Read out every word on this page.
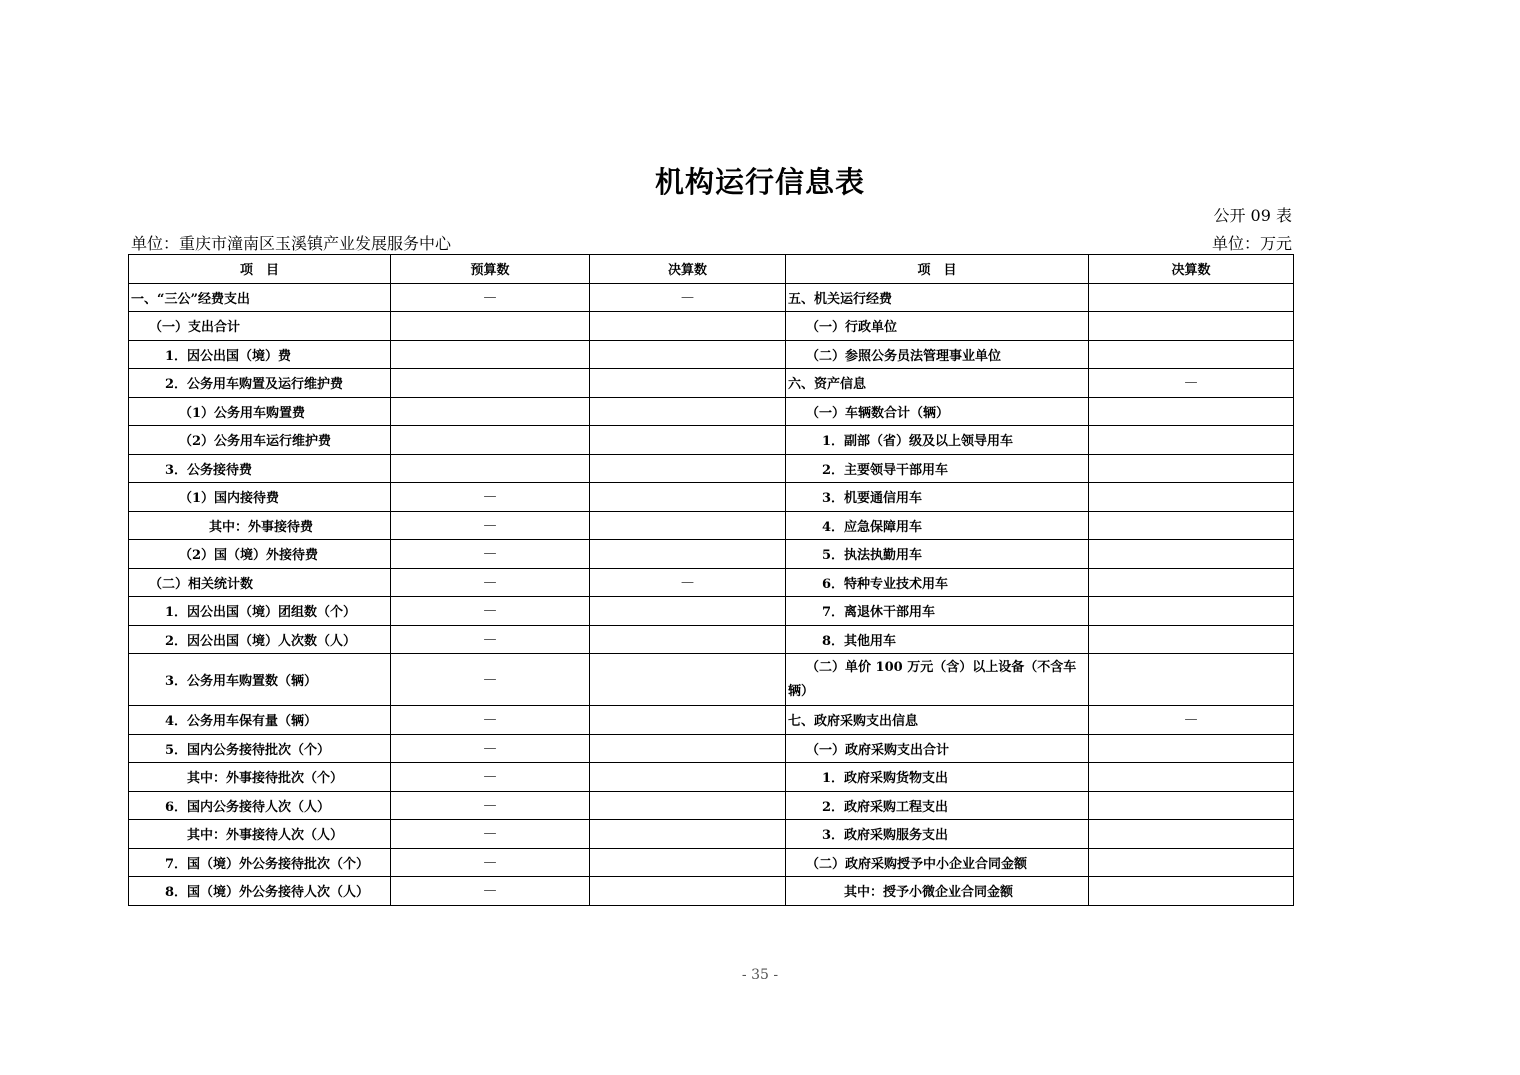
机构运行信息表
公开 09 表
单位：重庆市潼南区玉溪镇产业发展服务中心	单位：万元
项　目	预算数	决算数	项　目	决算数
一、“三公”经费支出	—	—	五、机关运行经费	
（一）支出合计			（一）行政单位	
1．因公出国（境）费			（二）参照公务员法管理事业单位	
2．公务用车购置及运行维护费			六、资产信息	—
（1）公务用车购置费			（一）车辆数合计（辆）	
（2）公务用车运行维护费			1．副部（省）级及以上领导用车	
3．公务接待费			2．主要领导干部用车	
（1）国内接待费	—		3．机要通信用车	
其中：外事接待费	—		4．应急保障用车	
（2）国（境）外接待费	—		5．执法执勤用车	
（二）相关统计数	—	—	6．特种专业技术用车	
1．因公出国（境）团组数（个）	—		7．离退休干部用车	
2．因公出国（境）人次数（人）	—		8．其他用车	
3．公务用车购置数（辆）	—		（二）单价 100 万元（含）以上设备（不含车辆）	
4．公务用车保有量（辆）	—		七、政府采购支出信息	—
5．国内公务接待批次（个）	—		（一）政府采购支出合计	
其中：外事接待批次（个）	—		1．政府采购货物支出	
6．国内公务接待人次（人）	—		2．政府采购工程支出	
其中：外事接待人次（人）	—		3．政府采购服务支出	
7．国（境）外公务接待批次（个）	—		（二）政府采购授予中小企业合同金额	
8．国（境）外公务接待人次（人）	—		其中：授予小微企业合同金额	
- 35 -
